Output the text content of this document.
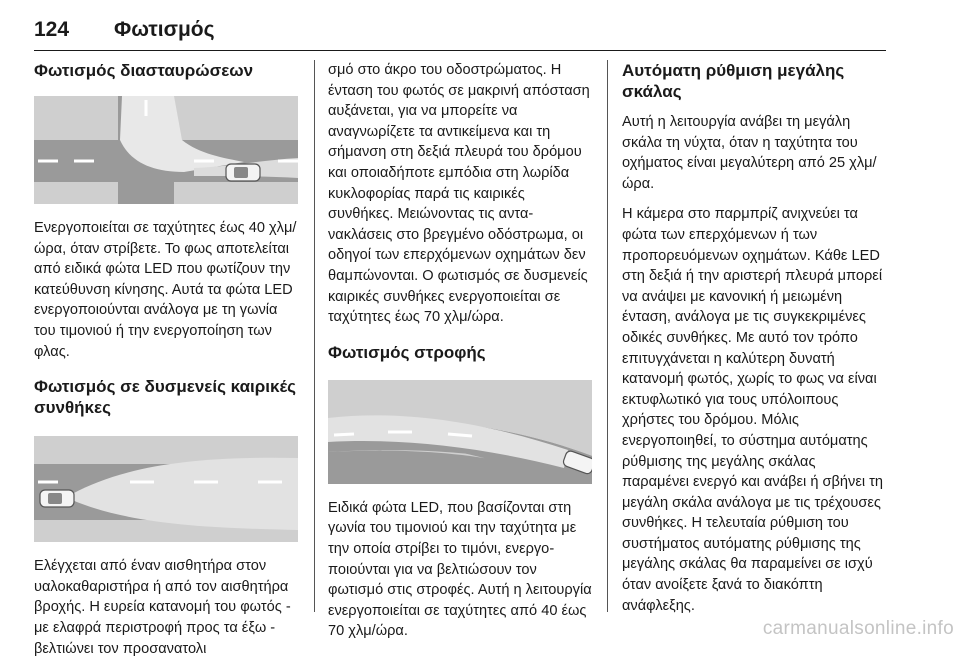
124 Φωτισμός
Φωτισμός διασταυρώσεων

Ενεργοποιείται σε ταχύτητες έως 40 χλμ/ώρα, όταν στρίβετε. Το φως αποτελείται από ειδικά φώτα LED που φωτίζουν την κατεύθυνση κίνησης. Αυτά τα φώτα LED ενεργοποιούνται ανάλογα με τη γωνία του τιμονιού ή την ενεργοποίηση των φλας.

Φωτισμός σε δυσμενείς καιρικές συνθήκες

Ελέγχεται από έναν αισθητήρα στον υαλοκαθαριστήρα ή από τον αισθητήρα βροχής. Η ευρεία κατανομή του φωτός - με ελαφρά περιστροφή προς τα έξω - βελτιώνει τον προσανατολι

σμό στο άκρο του οδοστρώματος. Η ένταση του φωτός σε μακρινή απόσταση αυξάνεται, για να μπορείτε να αναγνωρίζετε τα αντικείμενα και τη σήμανση στη δεξιά πλευρά του δρόμου και οποιαδήποτε εμπόδια στη λωρίδα κυκλοφορίας παρά τις καιρικές συνθήκες. Μειώνοντας τις αντανακλάσεις στο βρεγμένο οδόστρωμα, οι οδηγοί των επερχόμενων οχημάτων δεν θαμπώνονται. Ο φωτισμός σε δυσμενείς καιρικές συνθήκες ενεργοποιείται σε ταχύτητες έως 70 χλμ/ώρα.

Φωτισμός στροφής

Ειδικά φώτα LED, που βασίζονται στη γωνία του τιμονιού και την ταχύτητα με την οποία στρίβει το τιμόνι, ενεργοποιούνται για να βελτιώσουν τον φωτισμό στις στροφές. Αυτή η λειτουργία ενεργοποιείται σε ταχύτητες από 40 έως 70 χλμ/ώρα.

Αυτόματη ρύθμιση μεγάλης σκάλας

Αυτή η λειτουργία ανάβει τη μεγάλη σκάλα τη νύχτα, όταν η ταχύτητα του οχήματος είναι μεγαλύτερη από 25 χλμ/ώρα.

Η κάμερα στο παρμπρίζ ανιχνεύει τα φώτα των επερχόμενων ή των προπορευόμενων οχημάτων. Κάθε LED στη δεξιά ή την αριστερή πλευρά μπορεί να ανάψει με κανονική ή μειωμένη ένταση, ανάλογα με τις συγκεκριμένες οδικές συνθήκες. Με αυτό τον τρόπο επιτυγχάνεται η καλύτερη δυνατή κατανομή φωτός, χωρίς το φως να είναι εκτυφλωτικό για τους υπόλοιπους χρήστες του δρόμου. Μόλις ενεργοποιηθεί, το σύστημα αυτόματης ρύθμισης της μεγάλης σκάλας παραμένει ενεργό και ανάβει ή σβήνει τη μεγάλη σκάλα ανάλογα με τις τρέχουσες συνθήκες. Η τελευταία ρύθμιση του συστήματος αυτόματης ρύθμισης της μεγάλης σκάλας θα παραμείνει σε ισχύ όταν ανοίξετε ξανά το διακόπτη ανάφλεξης.

carmanualsonline.info
